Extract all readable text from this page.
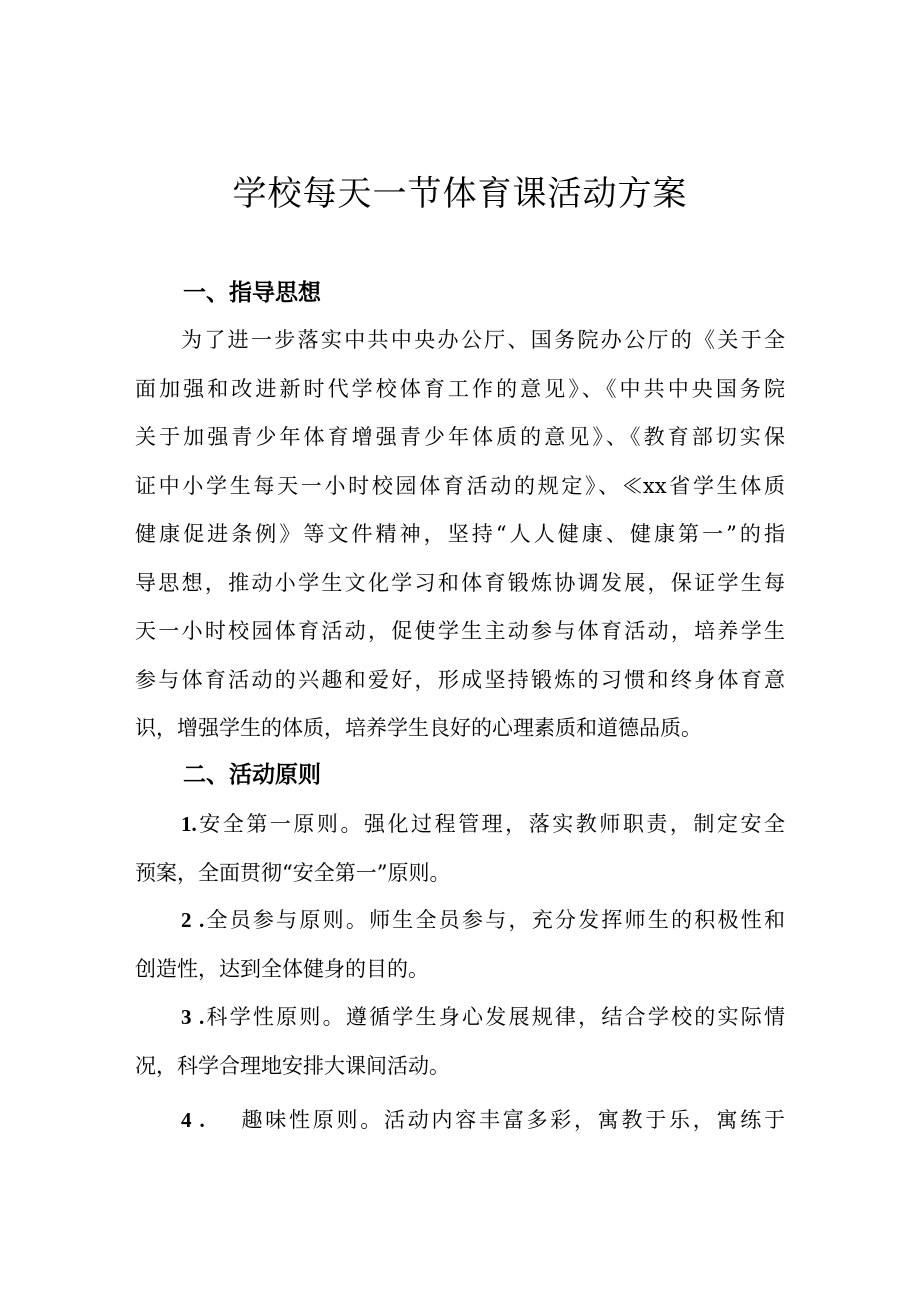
学校每天一节体育课活动方案
一、指导思想
为了进一步落实中共中央办公厅、国务院办公厅的《关于全
面加强和改进新时代学校体育工作的意见》、《中共中央国务院
关于加强青少年体育增强青少年体质的意见》、《教育部切实保
证中小学生每天一小时校园体育活动的规定》、≪xx省学生体质
健康促进条例》等文件精神，坚持“人人健康、健康第一”的指
导思想，推动小学生文化学习和体育锻炼协调发展，保证学生每
天一小时校园体育活动，促使学生主动参与体育活动，培养学生
参与体育活动的兴趣和爱好，形成坚持锻炼的习惯和终身体育意
识，增强学生的体质，培养学生良好的心理素质和道德品质。
二、活动原则
1.安全第一原则。强化过程管理，落实教师职责，制定安全
预案，全面贯彻“安全第一”原则。
2 .全员参与原则。师生全员参与，充分发挥师生的积极性和
创造性，达到全体健身的目的。
3 .科学性原则。遵循学生身心发展规律，结合学校的实际情
况，科学合理地安排大课间活动。
4 . 趣味性原则。活动内容丰富多彩，寓教于乐，寓练于
